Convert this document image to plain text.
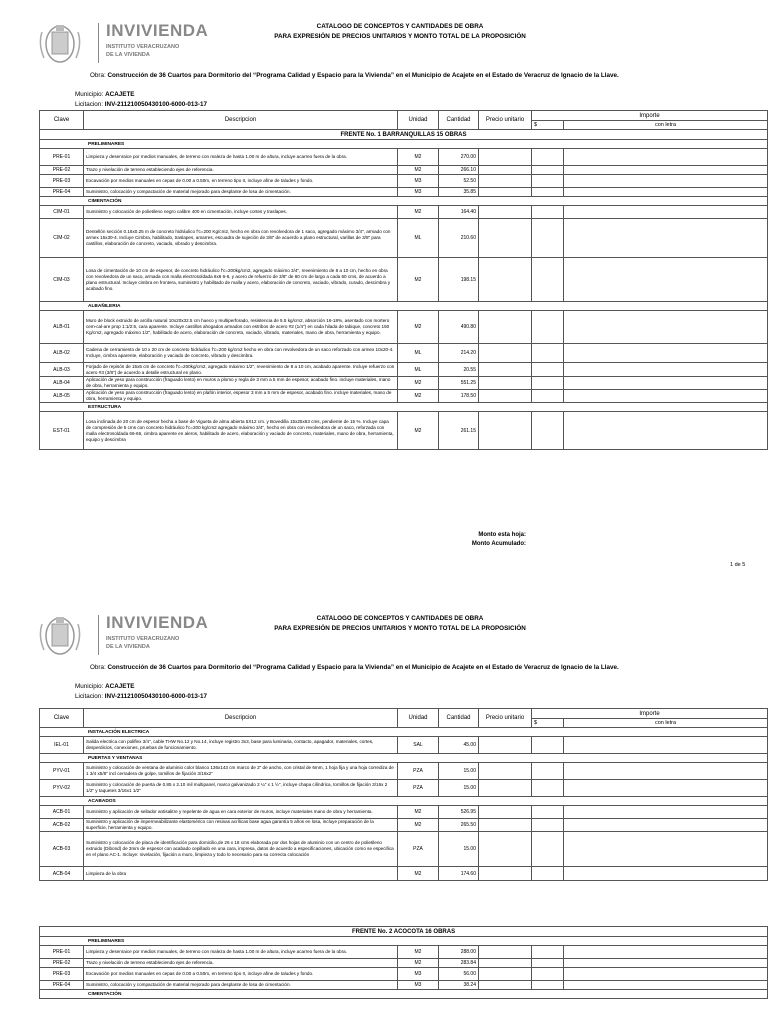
INVIVIENDA
INSTITUTO VERACRUZANO
DE LA VIVIENDA
CATALOGO DE CONCEPTOS Y CANTIDADES DE OBRA
PARA EXPRESIÓN DE PRECIOS UNITARIOS Y MONTO TOTAL DE LA PROPOSICIÓN
Obra: Construcción de 36 Cuartos para Dormitorio del “Programa Calidad y Espacio para la Vivienda” en el Municipio de Acajete en el Estado de Veracruz de Ignacio de la Llave.
Municipio: ACAJETE
Licitacion: INV-211210050430100-6000-013-17
Clave	Descripcion	Unidad	Cantidad	Precio unitario	Importe	
					$	con letra
FRENTE No. 1 BARRANQUILLAS 15 OBRAS						
PRELIMINARES						
PRE-01	Limpieza y desenraice por medios manuales, de terreno con maleza de hasta 1.00 m de altura, incluye acarreo fuera de la obra.	M2	270.00			
PRE-02	Trazo y nivelación de terreno estableciendo ejes de referencia.	M2	266.10			
PRE-03	Excavación por medios manuales en cepas de 0.00 a 0.50m, en terreno tipo II, incluye afine de taludes y fondo.	M3	52.50			
PRE-04	Suministro, colocación y compactación de material mejorado para desplante de losa de cimentación.	M3	35.85			
CIMENTACIÓN						
CIM-01	Suministro y colocación de polietileno negro calibre 400 en cimentación, incluye cortes y traslapes.	M2	164.40			
CIM-02	Dentellón sección 0.16x0.25 m de concreto hidráulico f'c=200 Kg/cm2, hecho en obra con revolvedora de 1 saco, agregado máximo 3/4", armado con armex 15x30-4. Incluye Cimbra, habilitado, traslapes, amarres, escuadra de sujeción de 3/8" de acuerdo a plano estructural, varillas de 3/8" para castillos, elaboración de concreto, vaciado, vibrado y descimbra.	ML	210.60			
CIM-03	Losa de cimentación de 10 cm de espesor, de concreto hidráulico f'c=200kg/cm2, agregado máximo 3/4", revenimiento de 8 a 10 cm, hecho en obra con revolvedora de un saco, armada con malla electrosoldada 6x6 6-6, y acero de refuerzo de 3/8" de 60 cm de largo a cada 60 cms, de acuerdo a plano estructural. Incluye cimbra en frontera, suministro y habilitado de malla y acero, elaboración de concreto, vaciado, vibrado, curado, descimbra y acabado fino.	M2	198.15			
ALBAÑILERIA						
ALB-01	Muro de block extruido de arcilla natural 10x20x32.5 cm hueco y multiperforado, resistencia de 5.5 kg/cm2, absorción 16-18%, asentado con mortero cem-cal-are prop 1:1/2:6, cara aparente. Incluye castillos ahogados armados con estribos de acero #2 (1/4") en cada hilada de tabique, concreto 150 Kg/cm2, agregado máximo 1/2", habilitado de acero, elaboración de concreto, vaciado, vibrado, materiales, mano de obra, herramienta y equipo.	M2	490.80			
ALB-02	Cadena de cerramiento de 10 x 20 cm de concreto hidráulico f'c=200 kg/cm2 hecho en obra con revolvedora de un saco reforzado con armex 10x20-4. Incluye, cimbra aparente, elaboración y vaciado de concreto, vibrado y descimbra.	ML	214.20			
ALB-03	Forjado de repisón de 15x5 cm de concreto f'c=200kg/cm2, agregado máximo 1/2", revenimiento de 8 a 10 cm, acabado aparente. Incluye refuerzo con acero #3 (3/8") de acuerdo a detalle estructural en plano.	ML	20.55			
ALB-04	Aplicación de yeso para construcción (fraguado lento) en muros a plomo y regla de 3 mm a 5 mm de espesor, acabado fino. incluye materiales, mano de obra, herramienta y equipo.	M2	551.25			
ALB-05	Aplicación de yeso para construcción (fraguado lento) en plafón interior, espesor 3 mm a 5 mm de espesor, acabado fino. incluye materiales, mano de obra, herramienta y equipo.	M2	178.50			
ESTRUCTURA						
EST-01	Losa inclinada de 20 cm de espesor hecha a base de Vigueta de alma abierta 5X12 cm. y Bovedilla 15x25x63 cms, pendiente de 15 %. Incluye capa de compresión de 5 cms con concreto hidráulico f'c=200 kg/cm2 agregado máximo 3/4", hecho en obra con revolvedora de un saco, reforzada con malla electrosoldada 66-66, cimbra aparente en aleros, habilitado de acero, elaboración y vaciado de concreto, materiales, mano de obra, herramienta, equipo y descimbra	M2	261.15			
Monto esta hoja:
Monto Acumulado:
1 de 5
INVIVIENDA
INSTITUTO VERACRUZANO
DE LA VIVIENDA
CATALOGO DE CONCEPTOS Y CANTIDADES DE OBRA
PARA EXPRESIÓN DE PRECIOS UNITARIOS Y MONTO TOTAL DE LA PROPOSICIÓN
Obra: Construcción de 36 Cuartos para Dormitorio del “Programa Calidad y Espacio para la Vivienda” en el Municipio de Acajete en el Estado de Veracruz de Ignacio de la Llave.
Municipio: ACAJETE
Licitacion: INV-211210050430100-6000-013-17
Clave	Descripcion	Unidad	Cantidad	Precio unitario	Importe	
					$	con letra
INSTALACIÓN ELECTRICA						
IEL-01	Salida electrica con poliflex 3/4", cable THW No.12 y No.14, incluye registro 3x3, base para luminaria, contacto, apagador, materiales, cortes, desperdicios, conexiones, pruebas de funcionamiento.	SAL	45.00			
PUERTAS Y VENTANAS						
PYV-01	Suministro y colocación de ventana de aluminio color blanco 136x143 cm marco de 2" de ancho, con cristal de 6mm, 1 hoja fija y una hoja corrediza de 1 3/4 x5/8" incl cerradera de golpe, tornillos de fijación 3/16x2"	PZA	15.00			
PYV-02	Suministro y colocación de puerta de 0.85 x 2.10 mil multipanel, marco galvanizado 2 ¼" x 1 ½", incluye chapa cilíndrica, tornillos de fijación 3/16x 2 1/2" y taquetes 3/16x1 1/2"	PZA	15.00			
ACABADOS						
ACB-01	Suministro y aplicación de sellador antisalitre y repelente de agua en cara exterior de muros, incluye materiales mano de obra y herramienta.	M2	526.95			
ACB-02	Suministro y aplicación de impermeabilizante elastomérico con resinas acrílicas base agua garantía 5 años en losa, incluye preparación de la superficie, herramienta y equipo.	M2	265.50			
ACB-03	Suministro y colocación de placa de identificación para domicilio,de 26 x 18 cms elaborada por dos hojas de aluminio con un centro de polietileno extruido (Dibond) de 3mm de espesor con acabado cepillado en una cara, impresa, datos de acuerdo a especificaciones, ubicación como se especifica en el plano AC-1. Incluye: nivelación, fijación a muro, limpieza y todo lo necesario para su correcta colocación	PZA	15.00			
ACB-04	Limpieza de la obra	M2	174.60			
FRENTE No. 2 ACOCOTA 16 OBRAS						
PRELIMINARES						
PRE-01	Limpieza y desenraice por medios manuales, de terreno con maleza de hasta 1.00 m de altura, incluye acarreo fuera de la obra.	M2	288.00			
PRE-02	Trazo y nivelación de terreno estableciendo ejes de referencia.	M2	283.84			
PRE-03	Excavación por medios manuales en cepas de 0.00 a 0.50m, en terreno tipo II, incluye afine de taludes y fondo.	M3	56.00			
PRE-04	Suministro, colocación y compactación de material mejorado para desplante de losa de cimentación.	M3	38.24			
CIMENTACIÓN						
